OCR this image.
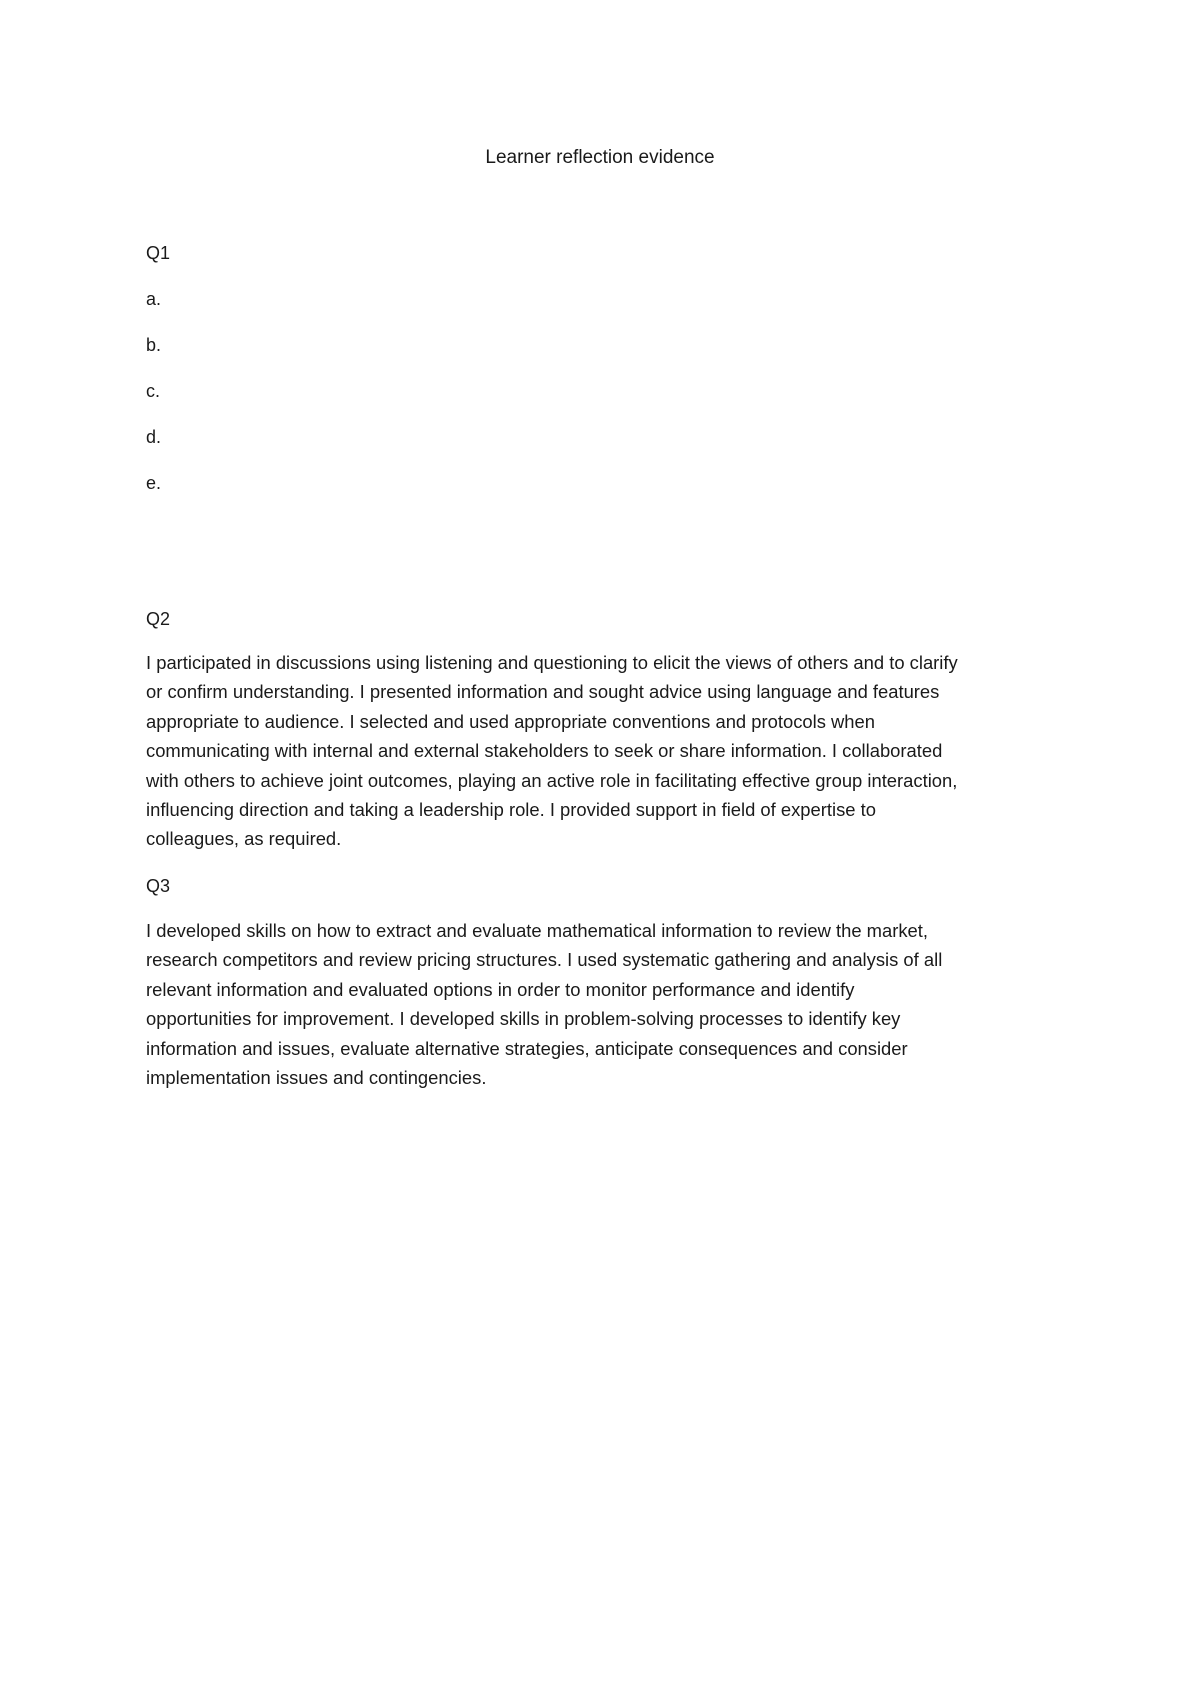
Learner reflection evidence
Q1
a.
b.
c.
d.
e.
Q2
I participated in discussions using listening and questioning to elicit the views of others and to clarify
or confirm understanding. I presented information and sought advice using language and features
appropriate to audience. I selected and used appropriate conventions and protocols when
communicating with internal and external stakeholders to seek or share information. I collaborated
with others to achieve joint outcomes, playing an active role in facilitating effective group interaction,
influencing direction and taking a leadership role. I provided support in field of expertise to
colleagues, as required.
Q3
I developed skills on how to extract and evaluate mathematical information to review the market,
research competitors and review pricing structures. I used systematic gathering and analysis of all
relevant information and evaluated options in order to monitor performance and identify
opportunities for improvement. I developed skills in problem-solving processes to identify key
information and issues, evaluate alternative strategies, anticipate consequences and consider
implementation issues and contingencies.
